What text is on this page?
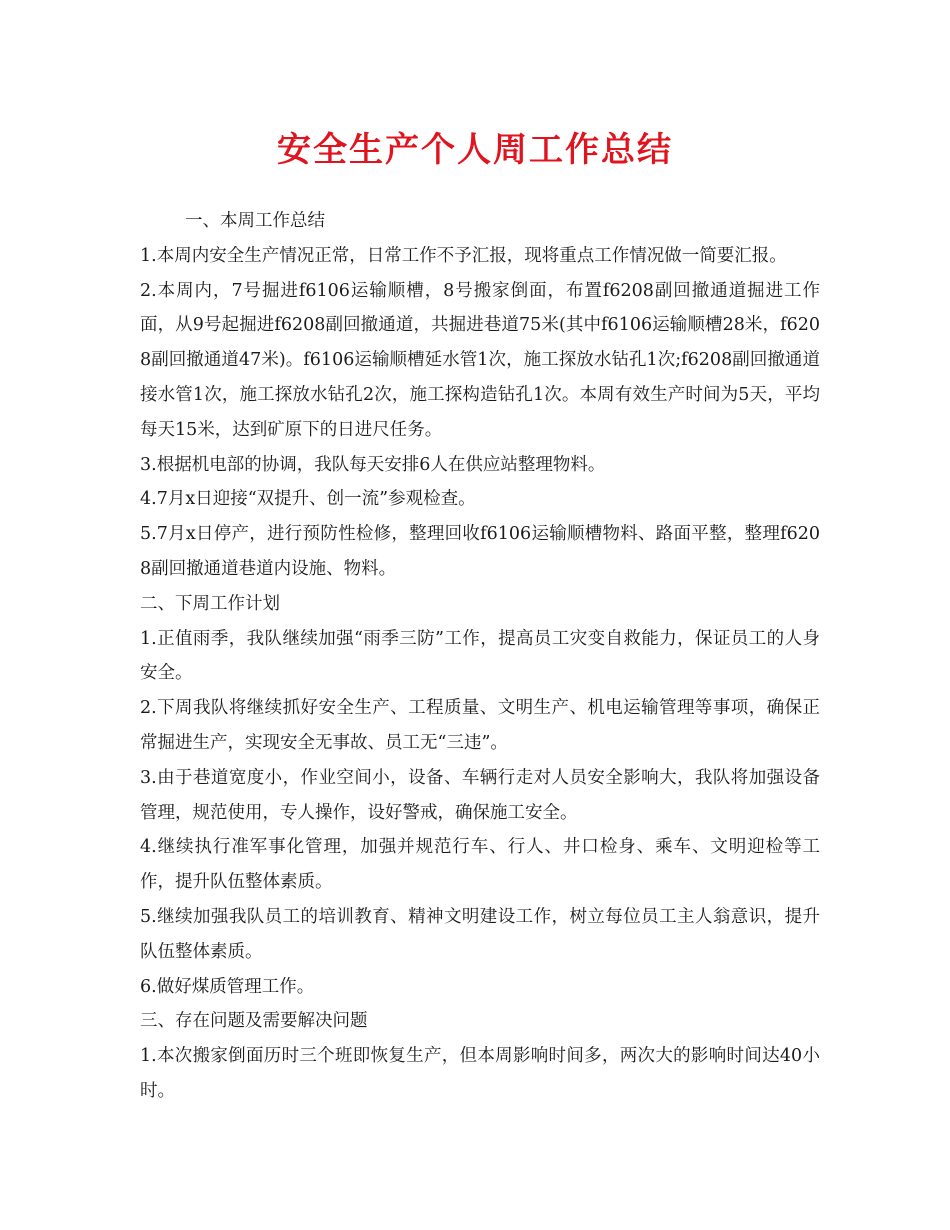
安全生产个人周工作总结

一、本周工作总结

1.本周内安全生产情况正常，日常工作不予汇报，现将重点工作情况做一简要汇报。

2.本周内，7号掘进f6106运输顺槽，8号搬家倒面，布置f6208副回撤通道掘进工作面，从9号起掘进f6208副回撤通道，共掘进巷道75米(其中f6106运输顺槽28米，f6208副回撤通道47米)。f6106运输顺槽延水管1次，施工探放水钻孔1次;f6208副回撤通道接水管1次，施工探放水钻孔2次，施工探构造钻孔1次。本周有效生产时间为5天，平均每天15米，达到矿原下的日进尺任务。

3.根据机电部的协调，我队每天安排6人在供应站整理物料。

4.7月x日迎接“双提升、创一流”参观检查。

5.7月x日停产，进行预防性检修，整理回收f6106运输顺槽物料、路面平整，整理f6208副回撤通道巷道内设施、物料。

二、下周工作计划

1.正值雨季，我队继续加强“雨季三防”工作，提高员工灾变自救能力，保证员工的人身安全。

2.下周我队将继续抓好安全生产、工程质量、文明生产、机电运输管理等事项，确保正常掘进生产，实现安全无事故、员工无“三违”。

3.由于巷道宽度小，作业空间小，设备、车辆行走对人员安全影响大，我队将加强设备管理，规范使用，专人操作，设好警戒，确保施工安全。

4.继续执行准军事化管理，加强并规范行车、行人、井口检身、乘车、文明迎检等工作，提升队伍整体素质。

5.继续加强我队员工的培训教育、精神文明建设工作，树立每位员工主人翁意识，提升队伍整体素质。

6.做好煤质管理工作。

三、存在问题及需要解决问题

1.本次搬家倒面历时三个班即恢复生产，但本周影响时间多，两次大的影响时间达40小时。
